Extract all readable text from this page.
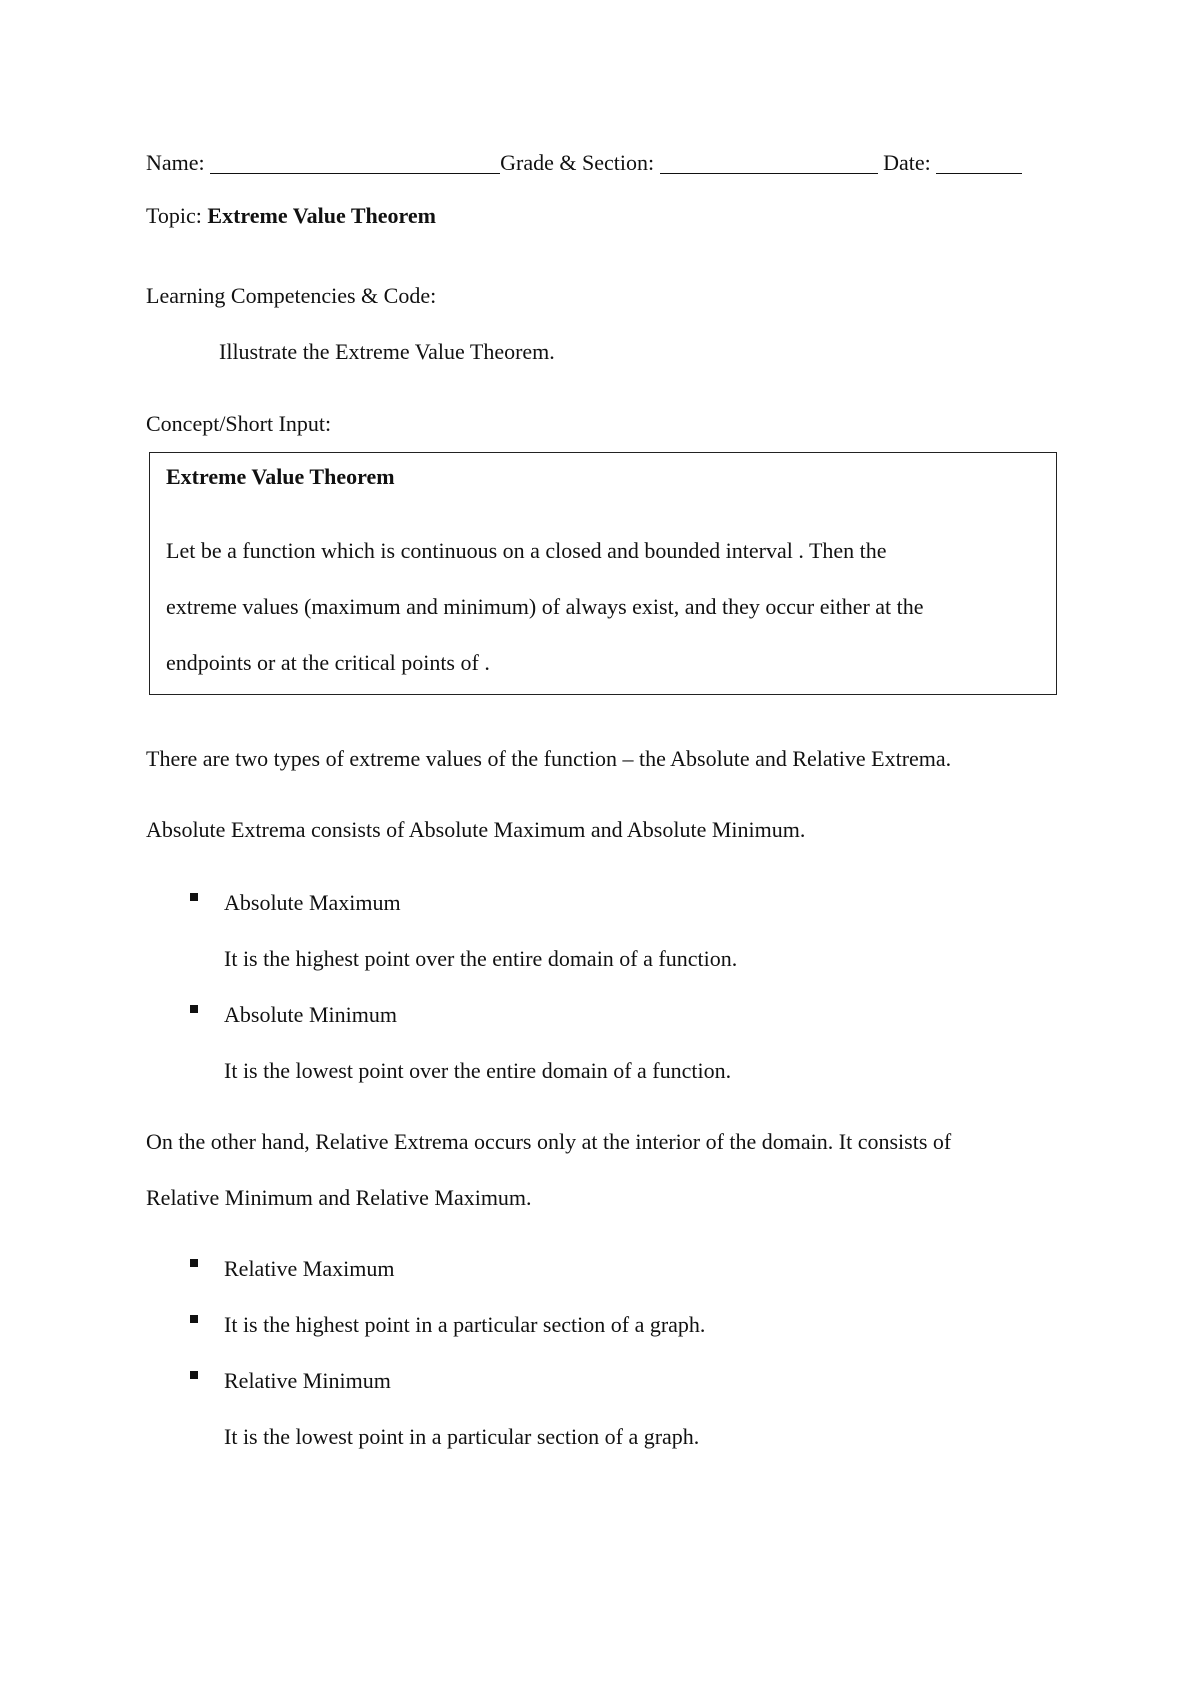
Name:	Grade & Section:	Date:
Topic: Extreme Value Theorem
Learning Competencies & Code:
Illustrate the Extreme Value Theorem.
Concept/Short Input:
Extreme Value Theorem
Let be a function which is continuous on a closed and bounded interval . Then the
extreme values (maximum and minimum) of always exist, and they occur either at the
endpoints or at the critical points of .
There are two types of extreme values of the function – the Absolute and Relative Extrema.
Absolute Extrema consists of Absolute Maximum and Absolute Minimum.
Absolute Maximum
It is the highest point over the entire domain of a function.
Absolute Minimum
It is the lowest point over the entire domain of a function.
On the other hand, Relative Extrema occurs only at the interior of the domain. It consists of
Relative Minimum and Relative Maximum.
Relative Maximum
It is the highest point in a particular section of a graph.
Relative Minimum
It is the lowest point in a particular section of a graph.
